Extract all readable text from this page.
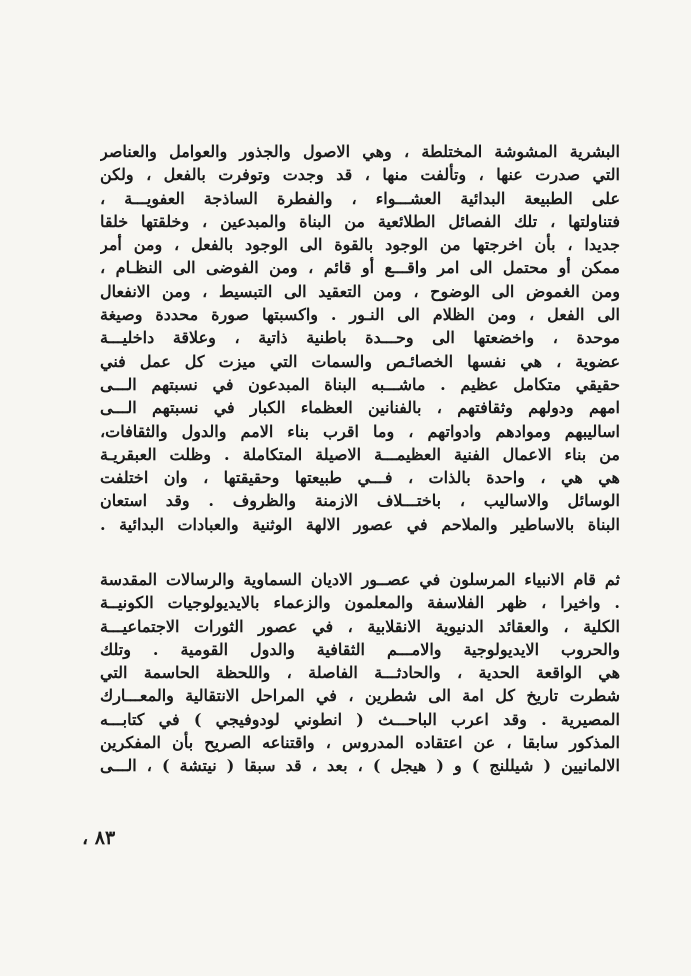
البشرية المشوشة المختلطة ، وهي الاصول والجذور والعوامل والعناصر
التي صدرت عنها ، وتألفت منها ، قد وجدت وتوفرت بالفعل ، ولكن
على الطبيعة البدائية العشـــواء ، والفطرة الساذجة العفويـــة ،
فتناولتها ، تلك الفصائل الطلائعية من البناة والمبدعين ، وخلقتها خلقا
جديدا ، بأن اخرجتها من الوجود بالقوة الى الوجود بالفعل ، ومن أمر
ممكن أو محتمل الى امر واقـــع أو قائم ، ومن الفوضى الى النظـام ،
ومن الغموض الى الوضوح ، ومن التعقيد الى التبسيط ، ومن الانفعال
الى الفعل ، ومن الظلام الى النـور . واكسبتها صورة محددة وصيغة
موحدة ، واخضعتها الى وحـــدة باطنية ذاتية ، وعلاقة داخليـــة
عضوية ، هي نفسها الخصائـص والسمات التي ميزت كل عمل فني
حقيقي متكامل عظيم . ماشـــبه البناة المبدعون في نسبتهم الـــى
امهم ودولهم وثقافتهم ، بالفنانين العظماء الكبار في نسبتهم الـــى
اساليبهم وموادهم وادواتهم ، وما اقرب بناء الامم والدول والثقافات،
من بناء الاعمال الفنية العظيمـــة الاصيلة المتكاملة . وظلت العبقريـة
هي هي ، واحدة بالذات ، فـــي طبيعتها وحقيقتها ، وان اختلفت
الوسائل والاساليب ، باختـــلاف الازمنة والظروف . وقد استعان
البناة بالاساطير والملاحم في عصور الالهة الوثنية والعبادات البدائية .
ثم قام الانبياء المرسلون في عصــور الاديان السماوية والرسالات المقدسة
. واخيرا ، ظهر الفلاسفة والمعلمون والزعماء بالايديولوجيات الكونيــة
الكلية ، والعقائد الدنيوية الانقلابية ، في عصور الثورات الاجتماعيـــة
والحروب الايديولوجية والامـــم الثقافية والدول القومية . وتلك
هي الواقعة الحدية ، والحادثـــة الفاصلة ، واللحظة الحاسمة التي
شطرت تاريخ كل امة الى شطرين ، في المراحل الانتقالية والمعـــارك
المصيرية . وقد اعرب الباحـــث ( انطوني لودوفيجي ) في كتابـــه
المذكور سابقا ، عن اعتقاده المدروس ، واقتناعه الصريح بأن المفكرين
الالمانيين ( شيللنج ) و ( هيجل ) ، بعد ، قد سبقا ( نيتشة ) ، الـــى
٨٣ ،
